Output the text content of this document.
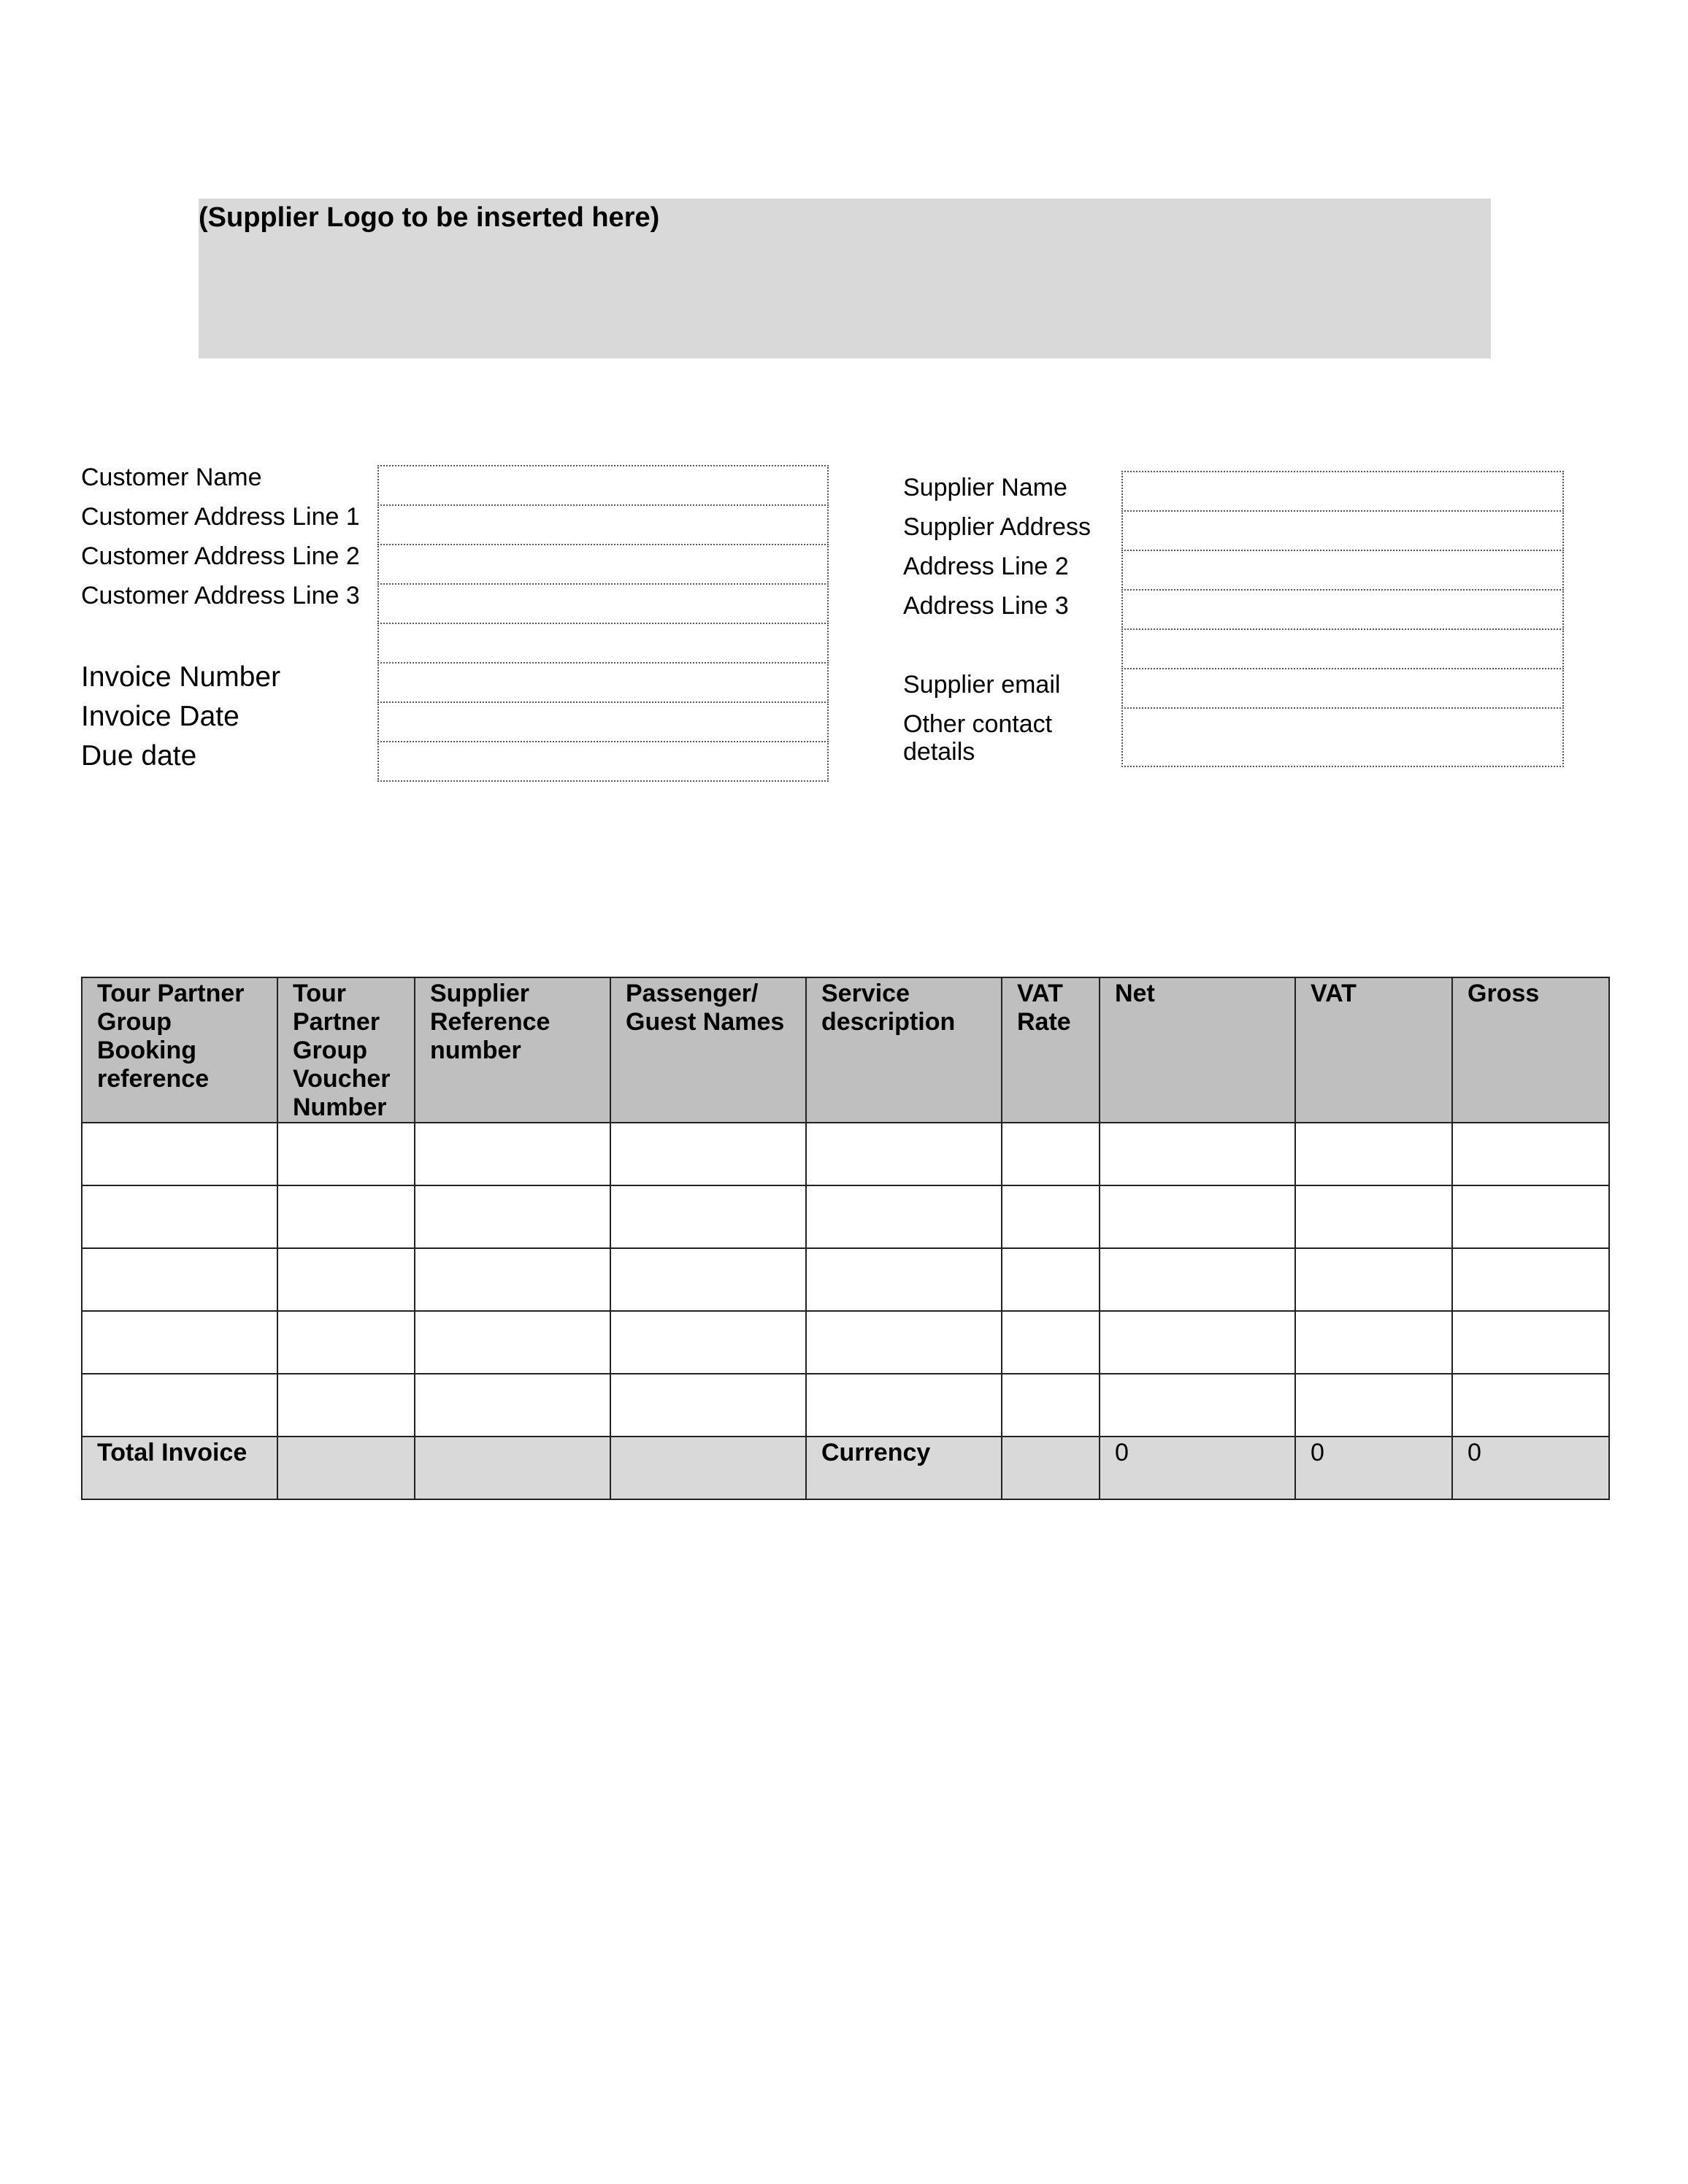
(Supplier Logo to be inserted here)
Customer Name
Customer Address Line 1
Customer Address Line 2
Customer Address Line 3
Invoice Number
Invoice Date
Due date
Supplier Name
Supplier Address
Address Line 2
Address Line 3
Supplier email
Other contact
details
Tour Partner
Group
Booking
reference	Tour
Partner
Group
Voucher
Number	Supplier
Reference
number	Passenger/
Guest Names	Service
description	VAT
Rate	Net	VAT	Gross

Total Invoice				Currency		0	0	0
